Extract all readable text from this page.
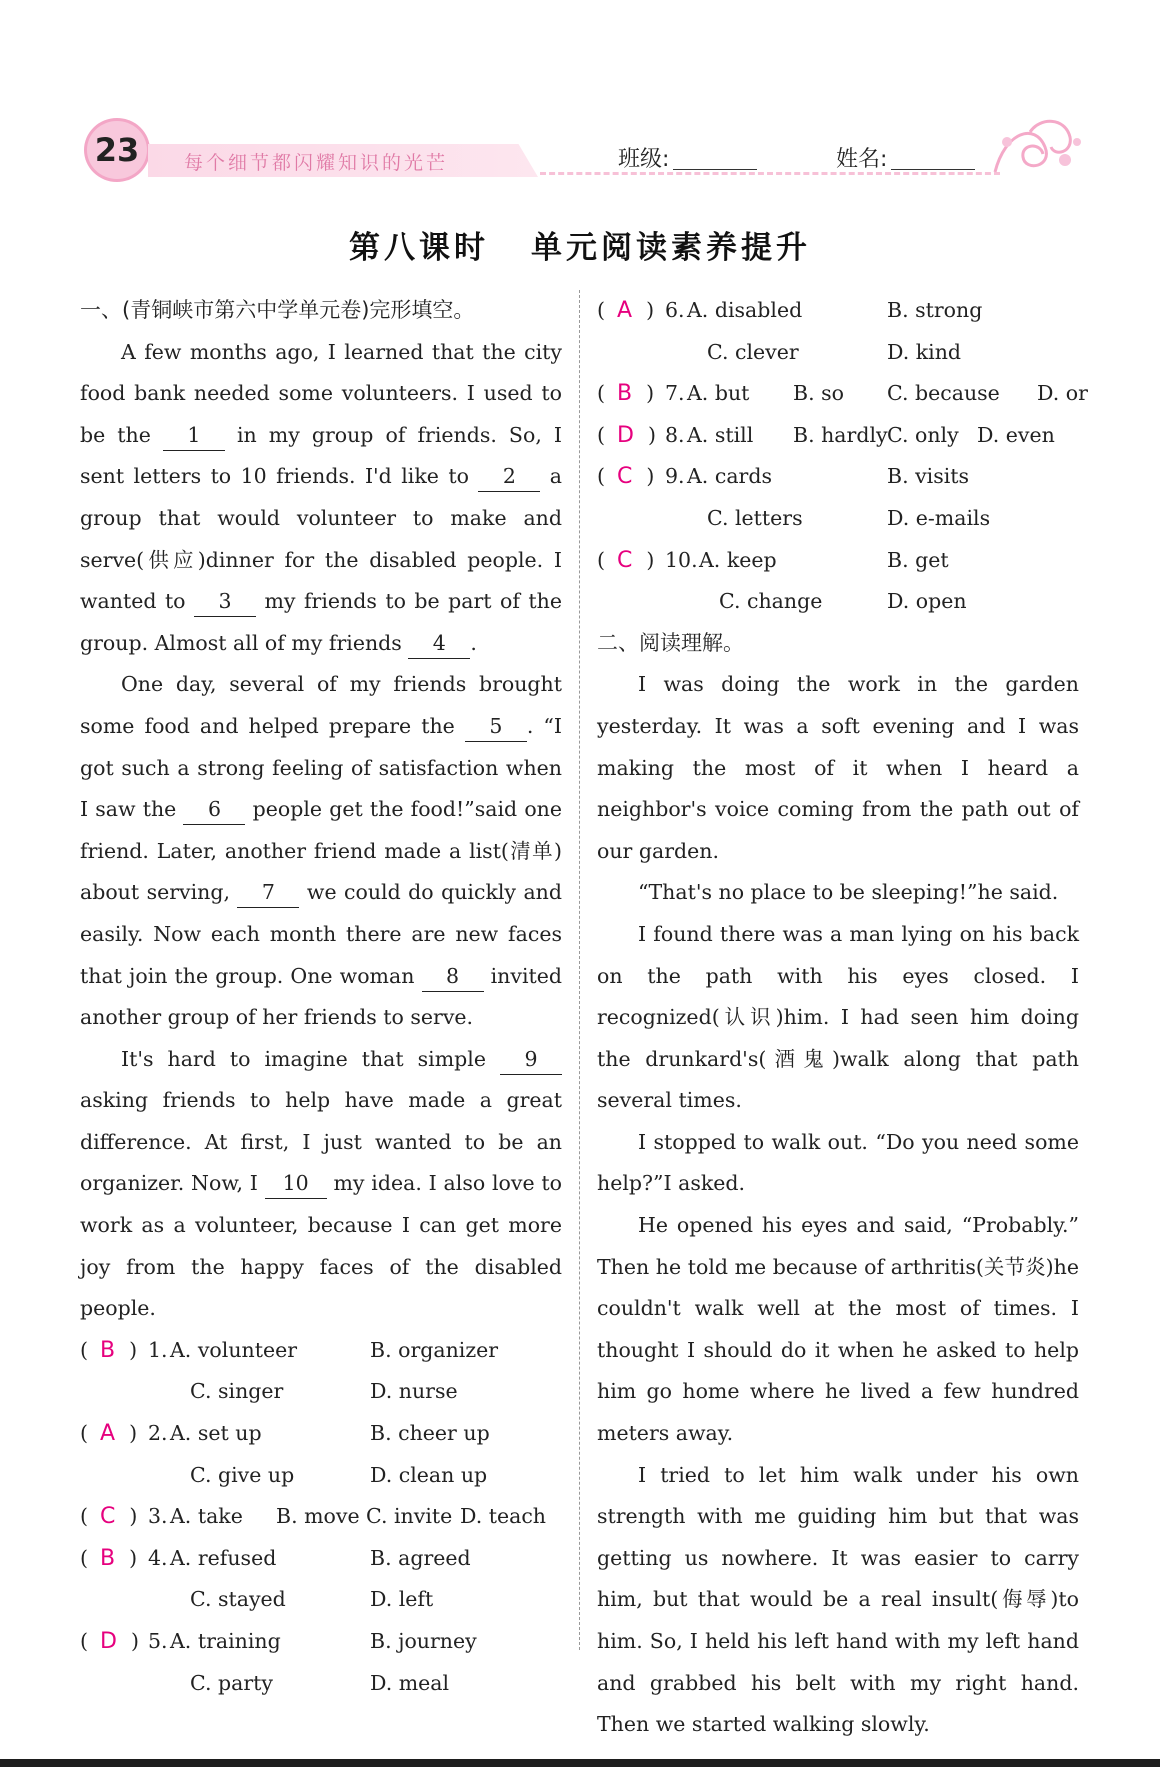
23	每个细节都闪耀知识的光芒	班级:	姓名:
第八课时 单元阅读素养提升
一、(青铜峡市第六中学单元卷)完形填空。

A few months ago, I learned that the city food bank needed some volunteers. I used to be the 1 in my group of friends. So, I sent letters to 10 friends. I'd like to 2 a group that would volunteer to make and serve(供应)dinner for the disabled people. I wanted to 3 my friends to be part of the group. Almost all of my friends 4 .

One day, several of my friends brought some food and helped prepare the 5 . “I got such a strong feeling of satisfaction when I saw the 6 people get the food!”said one friend. Later, another friend made a list(清单) about serving, 7 we could do quickly and easily. Now each month there are new faces that join the group. One woman 8 invited another group of her friends to serve.

It's hard to imagine that simple 9 asking friends to help have made a great difference. At first, I just wanted to be an organizer. Now, I 10 my idea. I also love to work as a volunteer, because I can get more joy from the happy faces of the disabled people.

( B ) 1. A. volunteer	B. organizer
C. singer	D. nurse
( A ) 2. A. set up	B. cheer up
C. give up	D. clean up
( C ) 3. A. take B. move C. invite D. teach
( B ) 4. A. refused	B. agreed
C. stayed	D. left
( D ) 5. A. training	B. journey
C. party	D. meal
( A ) 6. A. disabled	B. strong
C. clever	D. kind
( B ) 7. A. but B. so C. because D. or
( D ) 8. A. still B. hardly C. only D. even
( C ) 9. A. cards	B. visits
C. letters	D. e-mails
( C ) 10. A. keep	B. get
C. change	D. open
二、阅读理解。

I was doing the work in the garden yesterday. It was a soft evening and I was making the most of it when I heard a neighbor's voice coming from the path out of our garden.

“That's no place to be sleeping!”he said.

I found there was a man lying on his back on the path with his eyes closed. I recognized(认识)him. I had seen him doing the drunkard's(酒鬼)walk along that path several times.

I stopped to walk out. “Do you need some help?”I asked.

He opened his eyes and said, “Probably.” Then he told me because of arthritis(关节炎)he couldn't walk well at the most of times. I thought I should do it when he asked to help him go home where he lived a few hundred meters away.

I tried to let him walk under his own strength with me guiding him but that was getting us nowhere. It was easier to carry him, but that would be a real insult(侮辱)to him. So, I held his left hand with my left hand and grabbed his belt with my right hand. Then we started walking slowly.
